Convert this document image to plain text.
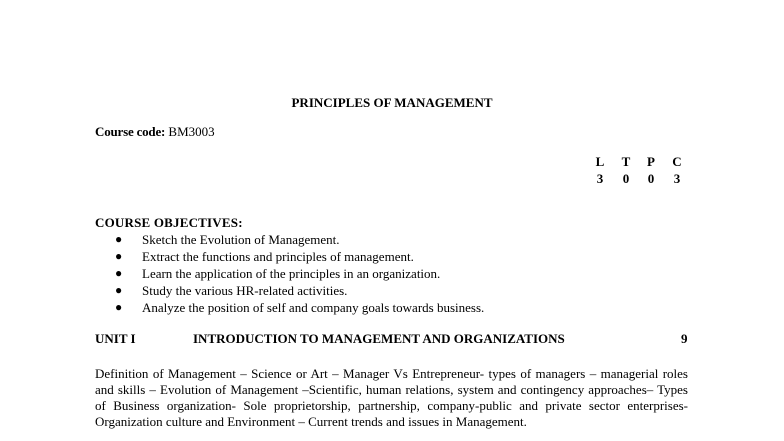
PRINCIPLES OF MANAGEMENT
Course code: BM3003
L
3
T
0
P
0
C
3
COURSE OBJECTIVES:
● Sketch the Evolution of Management.
● Extract the functions and principles of management.
● Learn the application of the principles in an organization.
● Study the various HR-related activities.
● Analyze the position of self and company goals towards business.
UNIT I	INTRODUCTION TO MANAGEMENT AND ORGANIZATIONS	9
Definition of Management – Science or Art – Manager Vs Entrepreneur- types of managers – managerial roles and skills – Evolution of Management –Scientific, human relations, system and contingency approaches– Types of Business organization- Sole proprietorship, partnership, company-public and private sector enterprises- Organization culture and Environment – Current trends and issues in Management.
